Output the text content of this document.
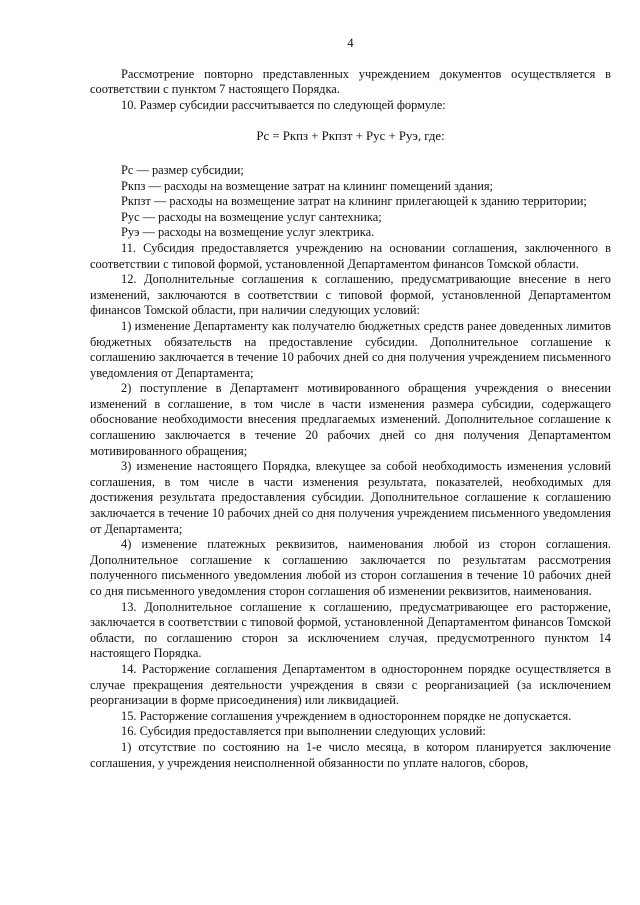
4

Рассмотрение повторно представленных учреждением документов осуществляется в соответствии с пунктом 7 настоящего Порядка.

10. Размер субсидии рассчитывается по следующей формуле:

Рс = Ркпз + Ркпзт + Рус + Руэ, где:

Рс — размер субсидии;

Ркпз — расходы на возмещение затрат на клининг помещений здания;

Ркпзт — расходы на возмещение затрат на клининг прилегающей к зданию территории;

Рус — расходы на возмещение услуг сантехника;

Руэ — расходы на возмещение услуг электрика.

11. Субсидия предоставляется учреждению на основании соглашения, заключенного в соответствии с типовой формой, установленной Департаментом финансов Томской области.

12. Дополнительные соглашения к соглашению, предусматривающие внесение в него изменений, заключаются в соответствии с типовой формой, установленной Департаментом финансов Томской области, при наличии следующих условий:

1) изменение Департаменту как получателю бюджетных средств ранее доведенных лимитов бюджетных обязательств на предоставление субсидии. Дополнительное соглашение к соглашению заключается в течение 10 рабочих дней со дня получения учреждением письменного уведомления от Департамента;

2) поступление в Департамент мотивированного обращения учреждения о внесении изменений в соглашение, в том числе в части изменения размера субсидии, содержащего обоснование необходимости внесения предлагаемых изменений. Дополнительное соглашение к соглашению заключается в течение 20 рабочих дней со дня получения Департаментом мотивированного обращения;

3) изменение настоящего Порядка, влекущее за собой необходимость изменения условий соглашения, в том числе в части изменения результата, показателей, необходимых для достижения результата предоставления субсидии. Дополнительное соглашение к соглашению заключается в течение 10 рабочих дней со дня получения учреждением письменного уведомления от Департамента;

4) изменение платежных реквизитов, наименования любой из сторон соглашения. Дополнительное соглашение к соглашению заключается по результатам рассмотрения полученного письменного уведомления любой из сторон соглашения в течение 10 рабочих дней со дня письменного уведомления сторон соглашения об изменении реквизитов, наименования.

13. Дополнительное соглашение к соглашению, предусматривающее его расторжение, заключается в соответствии с типовой формой, установленной Департаментом финансов Томской области, по соглашению сторон за исключением случая, предусмотренного пунктом 14 настоящего Порядка.

14. Расторжение соглашения Департаментом в одностороннем порядке осуществляется в случае прекращения деятельности учреждения в связи с реорганизацией (за исключением реорганизации в форме присоединения) или ликвидацией.

15. Расторжение соглашения учреждением в одностороннем порядке не допускается.

16. Субсидия предоставляется при выполнении следующих условий:

1) отсутствие по состоянию на 1-е число месяца, в котором планируется заключение соглашения, у учреждения неисполненной обязанности по уплате налогов, сборов,
